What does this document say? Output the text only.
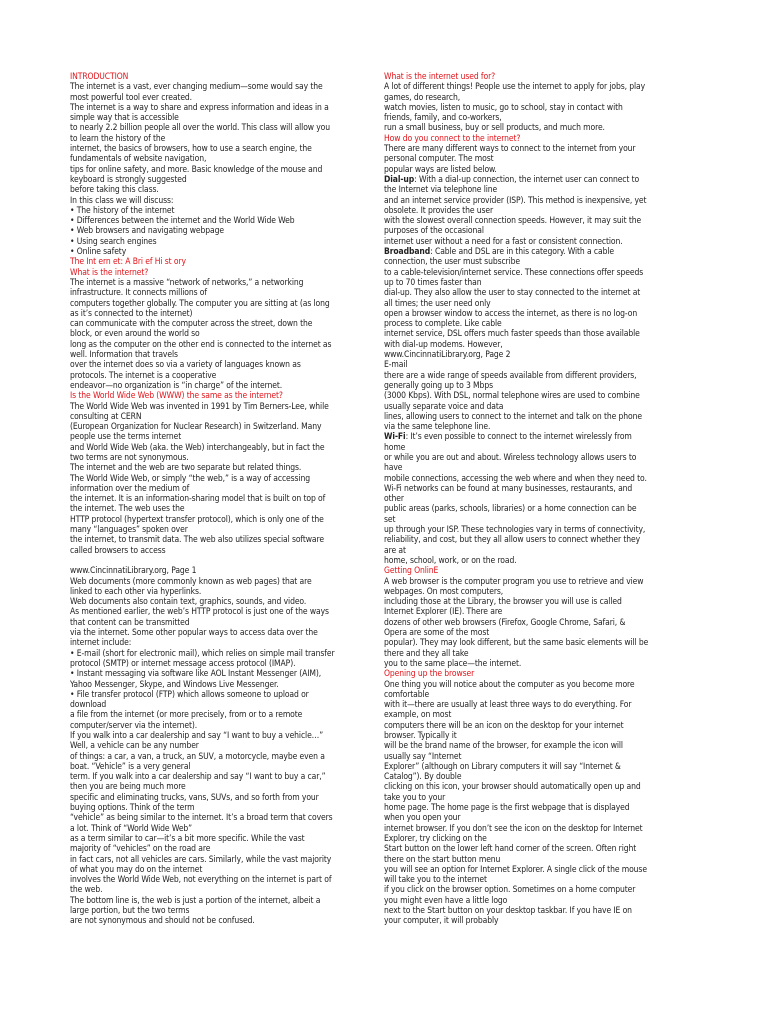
INTRODUCTION
The internet is a vast, ever changing medium—some would say the
most powerful tool ever created.
The internet is a way to share and express information and ideas in a
simple way that is accessible
to nearly 2.2 billion people all over the world. This class will allow you
to learn the history of the
internet, the basics of browsers, how to use a search engine, the
fundamentals of website navigation,
tips for online safety, and more. Basic knowledge of the mouse and
keyboard is strongly suggested
before taking this class.
In this class we will discuss:
• The history of the internet
• Differences between the internet and the World Wide Web
• Web browsers and navigating webpage
• Using search engines
• Online safety
The Int ern et: A Bri ef Hi st ory
What is the internet?
The internet is a massive “network of networks,” a networking
infrastructure. It connects millions of
computers together globally. The computer you are sitting at (as long
as it’s connected to the internet)
can communicate with the computer across the street, down the
block, or even around the world so
long as the computer on the other end is connected to the internet as
well. Information that travels
over the internet does so via a variety of languages known as
protocols. The internet is a cooperative
endeavor—no organization is “in charge” of the internet.
Is the World Wide Web (WWW) the same as the internet?
The World Wide Web was invented in 1991 by Tim Berners-Lee, while
consulting at CERN
(European Organization for Nuclear Research) in Switzerland. Many
people use the terms internet
and World Wide Web (aka. the Web) interchangeably, but in fact the
two terms are not synonymous.
The internet and the web are two separate but related things.
The World Wide Web, or simply “the web,” is a way of accessing
information over the medium of
the internet. It is an information-sharing model that is built on top of
the internet. The web uses the
HTTP protocol (hypertext transfer protocol), which is only one of the
many “languages” spoken over
the internet, to transmit data. The web also utilizes special software
called browsers to access
www.CincinnatiLibrary.org, Page 1
Web documents (more commonly known as web pages) that are
linked to each other via hyperlinks.
Web documents also contain text, graphics, sounds, and video.
As mentioned earlier, the web’s HTTP protocol is just one of the ways
that content can be transmitted
via the internet. Some other popular ways to access data over the
internet include:
• E-mail (short for electronic mail), which relies on simple mail transfer
protocol (SMTP) or internet message access protocol (IMAP).
• Instant messaging via software like AOL Instant Messenger (AIM),
Yahoo Messenger, Skype, and Windows Live Messenger.
• File transfer protocol (FTP) which allows someone to upload or
download
a file from the internet (or more precisely, from or to a remote
computer/server via the internet).
If you walk into a car dealership and say “I want to buy a vehicle…”
Well, a vehicle can be any number
of things: a car, a van, a truck, an SUV, a motorcycle, maybe even a
boat. “Vehicle” is a very general
term. If you walk into a car dealership and say “I want to buy a car,”
then you are being much more
specific and eliminating trucks, vans, SUVs, and so forth from your
buying options. Think of the term
“vehicle” as being similar to the internet. It’s a broad term that covers
a lot. Think of “World Wide Web”
as a term similar to car—it’s a bit more specific. While the vast
majority of “vehicles” on the road are
in fact cars, not all vehicles are cars. Similarly, while the vast majority
of what you may do on the internet
involves the World Wide Web, not everything on the internet is part of
the web.
The bottom line is, the web is just a portion of the internet, albeit a
large portion, but the two terms
are not synonymous and should not be confused.
What is the internet used for?
A lot of different things! People use the internet to apply for jobs, play
games, do research,
watch movies, listen to music, go to school, stay in contact with
friends, family, and co-workers,
run a small business, buy or sell products, and much more.
How do you connect to the internet?
There are many different ways to connect to the internet from your
personal computer. The most
popular ways are listed below.
Dial-up: With a dial-up connection, the internet user can connect to
the Internet via telephone line
and an internet service provider (ISP). This method is inexpensive, yet
obsolete. It provides the user
with the slowest overall connection speeds. However, it may suit the
purposes of the occasional
internet user without a need for a fast or consistent connection.
Broadband: Cable and DSL are in this category. With a cable
connection, the user must subscribe
to a cable-television/internet service. These connections offer speeds
up to 70 times faster than
dial-up. They also allow the user to stay connected to the internet at
all times; the user need only
open a browser window to access the internet, as there is no log-on
process to complete. Like cable
internet service, DSL offers much faster speeds than those available
with dial-up modems. However,
www.CincinnatiLibrary.org, Page 2
E-mail
there are a wide range of speeds available from different providers,
generally going up to 3 Mbps
(3000 Kbps). With DSL, normal telephone wires are used to combine
usually separate voice and data
lines, allowing users to connect to the internet and talk on the phone
via the same telephone line.
Wi-Fi: It’s even possible to connect to the internet wirelessly from
home
or while you are out and about. Wireless technology allows users to
have
mobile connections, accessing the web where and when they need to.
Wi-Fi networks can be found at many businesses, restaurants, and
other
public areas (parks, schools, libraries) or a home connection can be
set
up through your ISP. These technologies vary in terms of connectivity,
reliability, and cost, but they all allow users to connect whether they
are at
home, school, work, or on the road.
Getting OnlinE
A web browser is the computer program you use to retrieve and view
webpages. On most computers,
including those at the Library, the browser you will use is called
Internet Explorer (IE). There are
dozens of other web browsers (Firefox, Google Chrome, Safari, &
Opera are some of the most
popular). They may look different, but the same basic elements will be
there and they all take
you to the same place—the internet.
Opening up the browser
One thing you will notice about the computer as you become more
comfortable
with it—there are usually at least three ways to do everything. For
example, on most
computers there will be an icon on the desktop for your internet
browser. Typically it
will be the brand name of the browser, for example the icon will
usually say “Internet
Explorer” (although on Library computers it will say “Internet &
Catalog”). By double
clicking on this icon, your browser should automatically open up and
take you to your
home page. The home page is the first webpage that is displayed
when you open your
internet browser. If you don’t see the icon on the desktop for Internet
Explorer, try clicking on the
Start button on the lower left hand corner of the screen. Often right
there on the start button menu
you will see an option for Internet Explorer. A single click of the mouse
will take you to the internet
if you click on the browser option. Sometimes on a home computer
you might even have a little logo
next to the Start button on your desktop taskbar. If you have IE on
your computer, it will probably
